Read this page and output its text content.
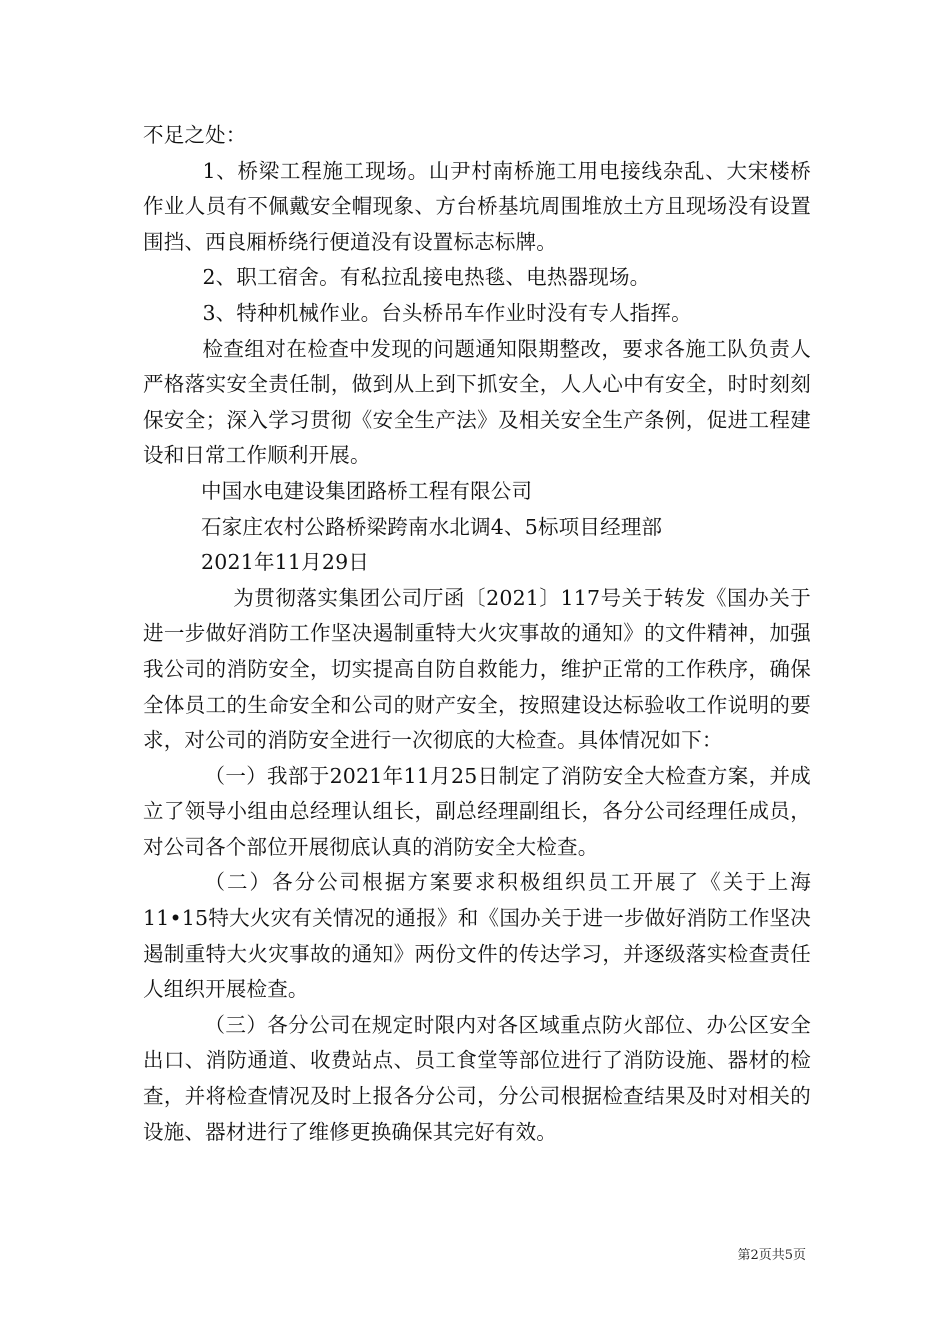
不足之处：

1、桥梁工程施工现场。山尹村南桥施工用电接线杂乱、大宋楼桥作业人员有不佩戴安全帽现象、方台桥基坑周围堆放土方且现场没有设置围挡、西良厢桥绕行便道没有设置标志标牌。

2、职工宿舍。有私拉乱接电热毯、电热器现场。

3、特种机械作业。台头桥吊车作业时没有专人指挥。

检查组对在检查中发现的问题通知限期整改，要求各施工队负责人严格落实安全责任制，做到从上到下抓安全，人人心中有安全，时时刻刻保安全；深入学习贯彻《安全生产法》及相关安全生产条例，促进工程建设和日常工作顺利开展。

中国水电建设集团路桥工程有限公司

石家庄农村公路桥梁跨南水北调4、5标项目经理部

2021年11月29日

为贯彻落实集团公司厅函〔2021〕117号关于转发《国办关于进一步做好消防工作坚决遏制重特大火灾事故的通知》的文件精神，加强我公司的消防安全，切实提高自防自救能力，维护正常的工作秩序，确保全体员工的生命安全和公司的财产安全，按照建设达标验收工作说明的要求，对公司的消防安全进行一次彻底的大检查。具体情况如下：

（一）我部于2021年11月25日制定了消防安全大检查方案，并成立了领导小组由总经理认组长，副总经理副组长，各分公司经理任成员，对公司各个部位开展彻底认真的消防安全大检查。

（二）各分公司根据方案要求积极组织员工开展了《关于上海11•15特大火灾有关情况的通报》和《国办关于进一步做好消防工作坚决遏制重特大火灾事故的通知》两份文件的传达学习，并逐级落实检查责任人组织开展检查。

（三）各分公司在规定时限内对各区域重点防火部位、办公区安全出口、消防通道、收费站点、员工食堂等部位进行了消防设施、器材的检查，并将检查情况及时上报各分公司，分公司根据检查结果及时对相关的设施、器材进行了维修更换确保其完好有效。

第2页共5页
